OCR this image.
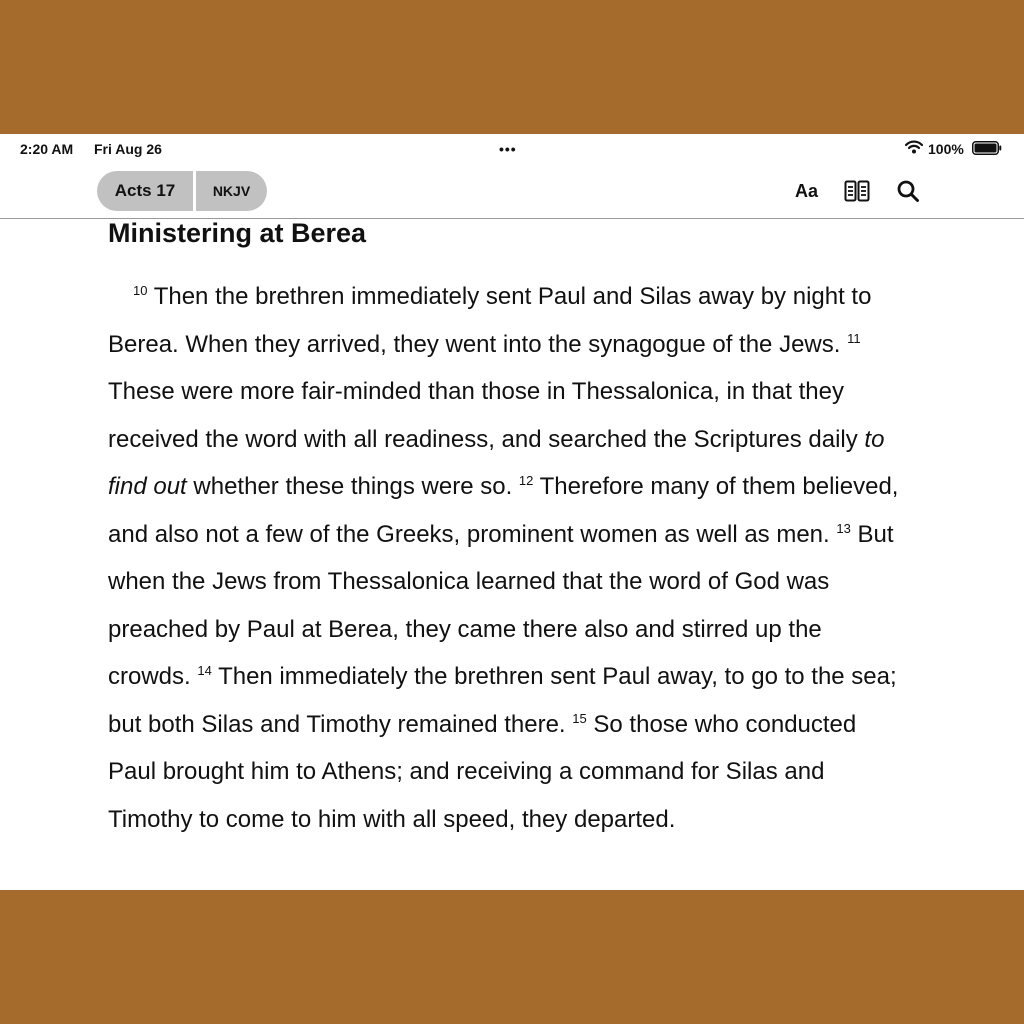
2:20 AM Fri Aug 26	•••	100%
Acts 17	NKJV	Aa
Ministering at Berea
$^{10}$ Then the brethren immediately sent Paul and Silas away by night to Berea. When they arrived, they went into the synagogue of the Jews. $^{11}$ These were more fair-minded than those in Thessalonica, in that they received the word with all readiness, and searched the Scriptures daily to find out whether these things were so. $^{12}$ Therefore many of them believed, and also not a few of the Greeks, prominent women as well as men. $^{13}$ But when the Jews from Thessalonica learned that the word of God was preached by Paul at Berea, they came there also and stirred up the crowds. $^{14}$ Then immediately the brethren sent Paul away, to go to the sea; but both Silas and Timothy remained there. $^{15}$ So those who conducted Paul brought him to Athens; and receiving a command for Silas and Timothy to come to him with all speed, they departed.
